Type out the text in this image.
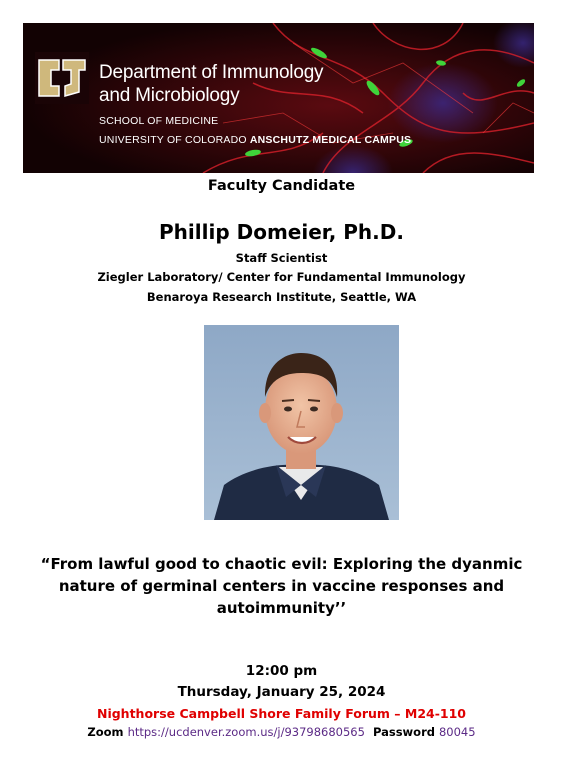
Department of Immunology
and Microbiology
SCHOOL OF MEDICINE
UNIVERSITY OF COLORADO ANSCHUTZ MEDICAL CAMPUS
Faculty Candidate
Phillip Domeier, Ph.D.
Staff Scientist
Ziegler Laboratory/ Center for Fundamental Immunology
Benaroya Research Institute, Seattle, WA
“From lawful good to chaotic evil: Exploring the dyanmic
nature of germinal centers in vaccine responses and
autoimmunity’’
12:00 pm
Thursday, January 25, 2024
Nighthorse Campbell Shore Family Forum – M24-110
Zoom https://ucdenver.zoom.us/j/93798680565 Password 80045
